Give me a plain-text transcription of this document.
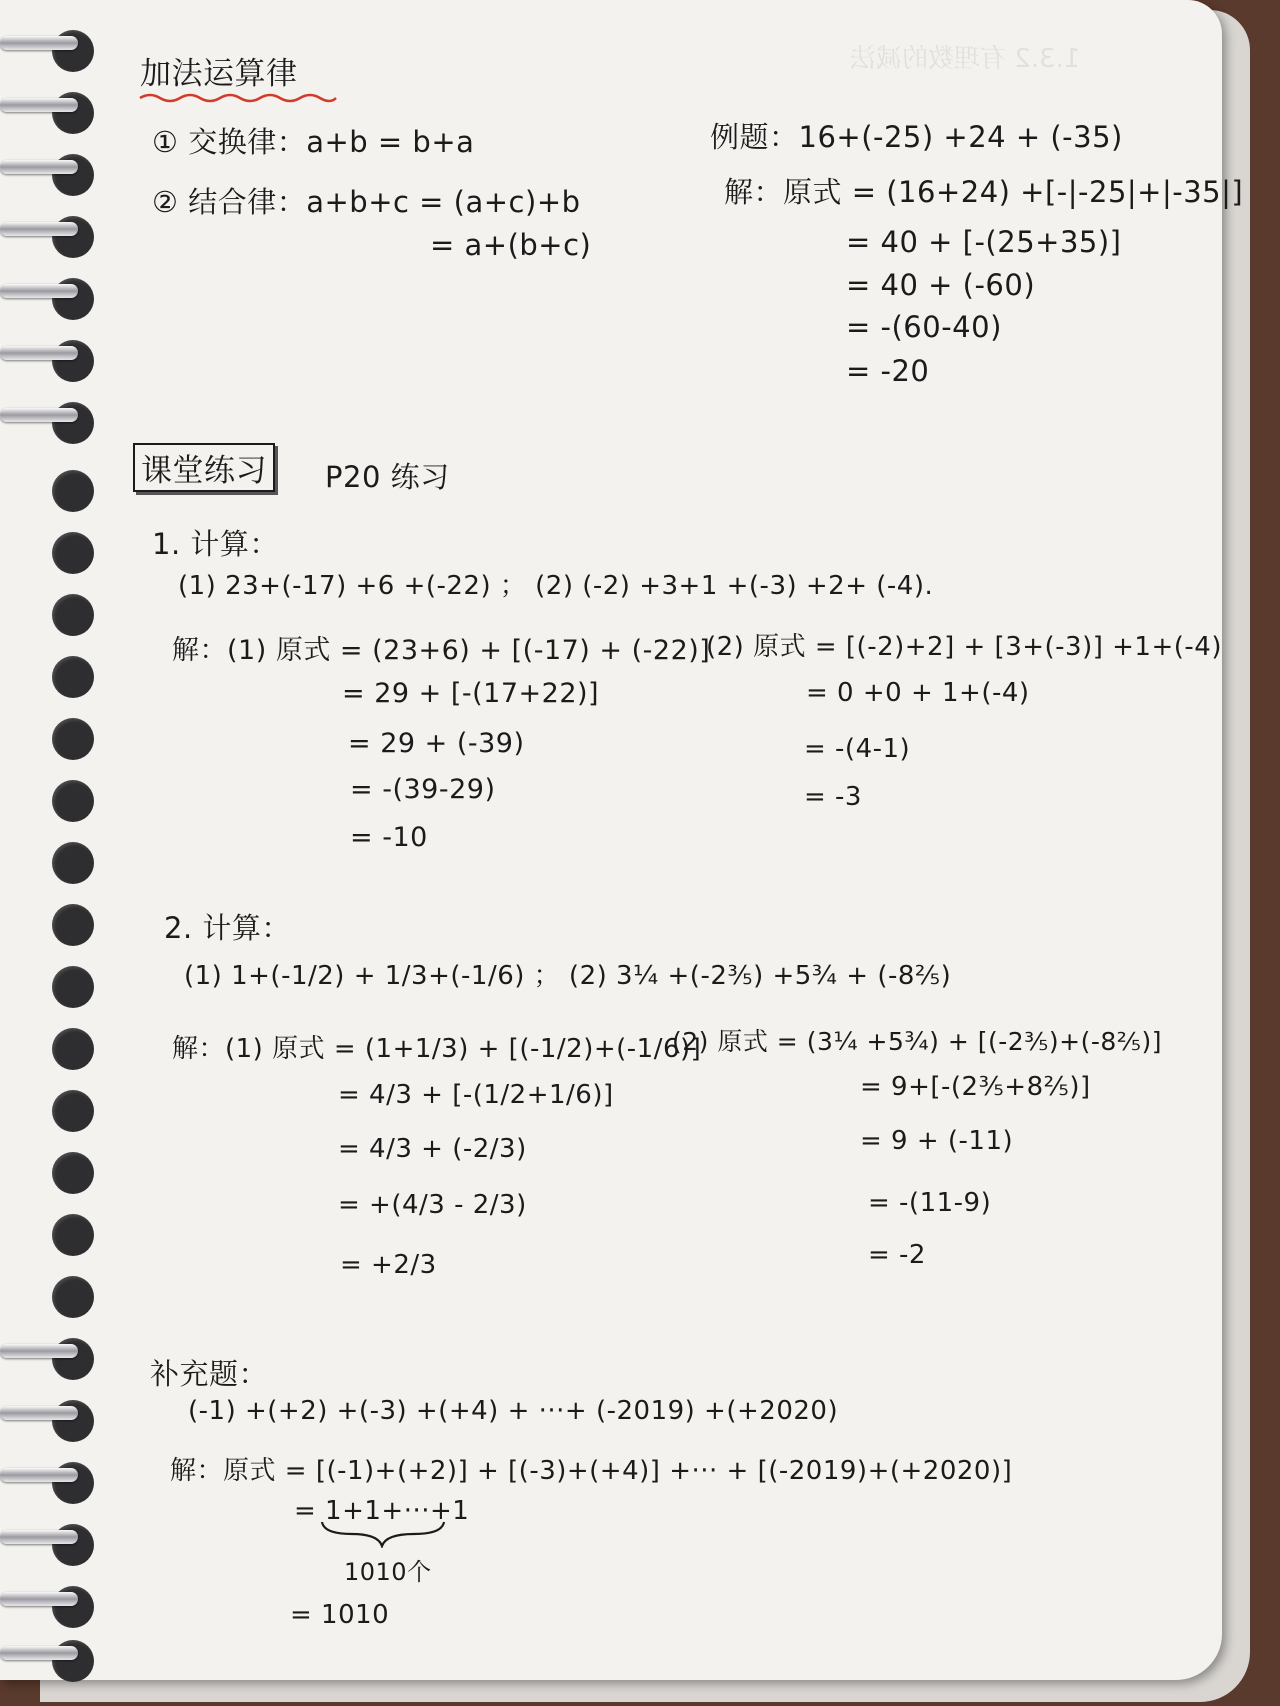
1.3.2 有理数的减法
加法运算律
① 交换律：a+b = b+a
② 结合律：a+b+c = (a+c)+b
= a+(b+c)
例题：16+(-25) +24 + (-35)
解：原式 = (16+24) +[-|-25|+|-35|]
= 40 + [-(25+35)]
= 40 + (-60)
= -(60-40)
= -20
课堂练习 P20 练习
1. 计算：
(1) 23+(-17) +6 +(-22) ； (2) (-2) +3+1 +(-3) +2+ (-4).
解：(1) 原式 = (23+6) + [(-17) + (-22)]
= 29 + [-(17+22)]
= 29 + (-39)
= -(39-29)
= -10
(2) 原式 = [(-2)+2] + [3+(-3)] +1+(-4)
= 0 +0 + 1+(-4)
= -(4-1)
= -3
2. 计算：
(1) 1+(-1/2) + 1/3+(-1/6) ； (2) 3¼ +(-2⅗) +5¾ + (-8⅖)
解：(1) 原式 = (1+1/3) + [(-1/2)+(-1/6)]
= 4/3 + [-(1/2+1/6)]
= 4/3 + (-2/3)
= +(4/3 - 2/3)
= +2/3
(2) 原式 = (3¼ +5¾) + [(-2⅗)+(-8⅖)]
= 9+[-(2⅗+8⅖)]
= 9 + (-11)
= -(11-9)
= -2
补充题：
(-1) +(+2) +(-3) +(+4) + ···+ (-2019) +(+2020)
解：原式 = [(-1)+(+2)] + [(-3)+(+4)] +··· + [(-2019)+(+2020)]
= 1+1+···+1
1010个
= 1010
